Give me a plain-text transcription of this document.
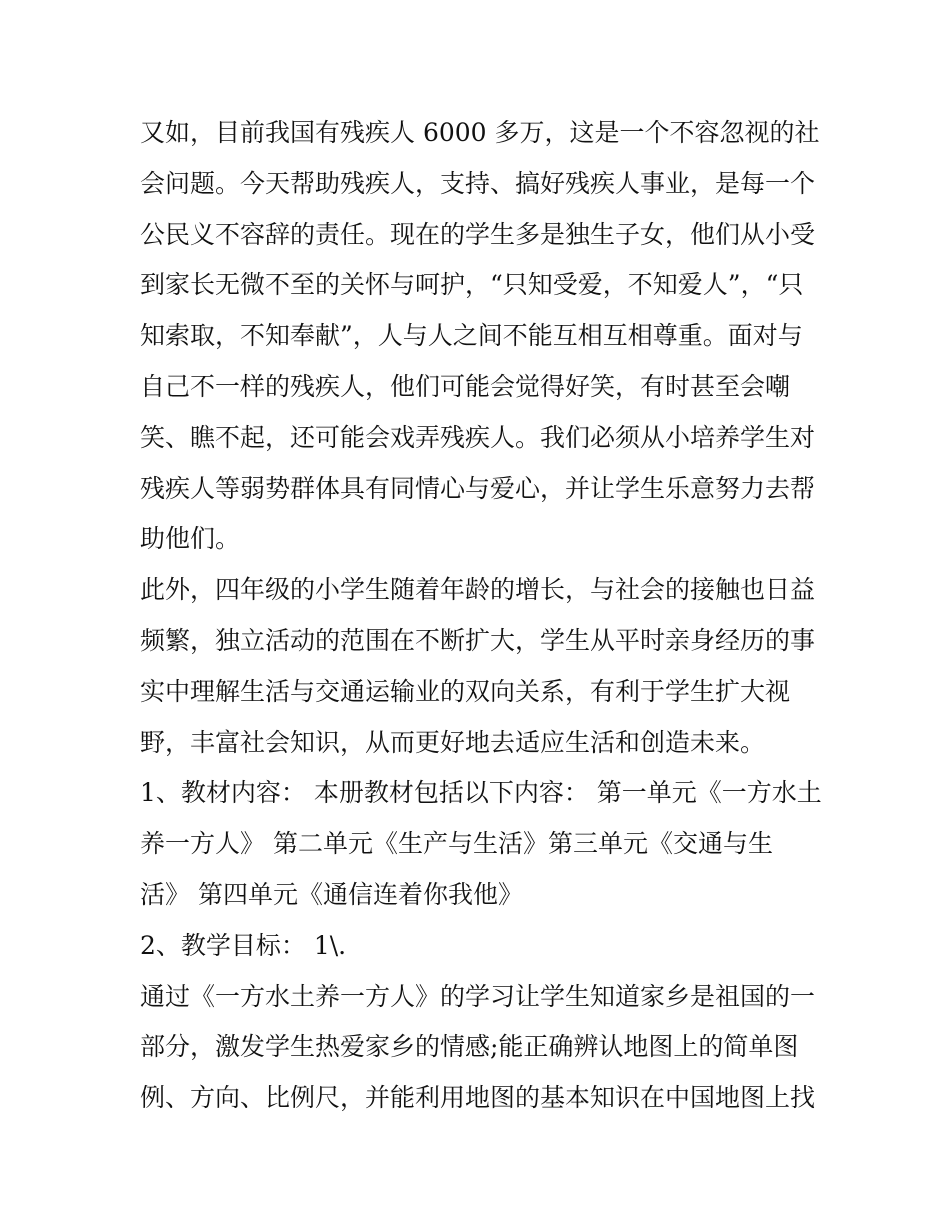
又如，目前我国有残疾人 6000 多万，这是一个不容忽视的社
会问题。今天帮助残疾人，支持、搞好残疾人事业，是每一个
公民义不容辞的责任。现在的学生多是独生子女，他们从小受
到家长无微不至的关怀与呵护，“只知受爱，不知爱人”，“只
知索取，不知奉献”，人与人之间不能互相互相尊重。面对与
自己不一样的残疾人，他们可能会觉得好笑，有时甚至会嘲
笑、瞧不起，还可能会戏弄残疾人。我们必须从小培养学生对
残疾人等弱势群体具有同情心与爱心，并让学生乐意努力去帮
助他们。
此外，四年级的小学生随着年龄的增长，与社会的接触也日益
频繁，独立活动的范围在不断扩大，学生从平时亲身经历的事
实中理解生活与交通运输业的双向关系，有利于学生扩大视
野，丰富社会知识，从而更好地去适应生活和创造未来。
1、教材内容： 本册教材包括以下内容： 第一单元《一方水土
养一方人》 第二单元《生产与生活》第三单元《交通与生
活》 第四单元《通信连着你我他》
2、教学目标： 1\.
通过《一方水土养一方人》的学习让学生知道家乡是祖国的一
部分，激发学生热爱家乡的情感;能正确辨认地图上的简单图
例、方向、比例尺，并能利用地图的基本知识在中国地图上找
